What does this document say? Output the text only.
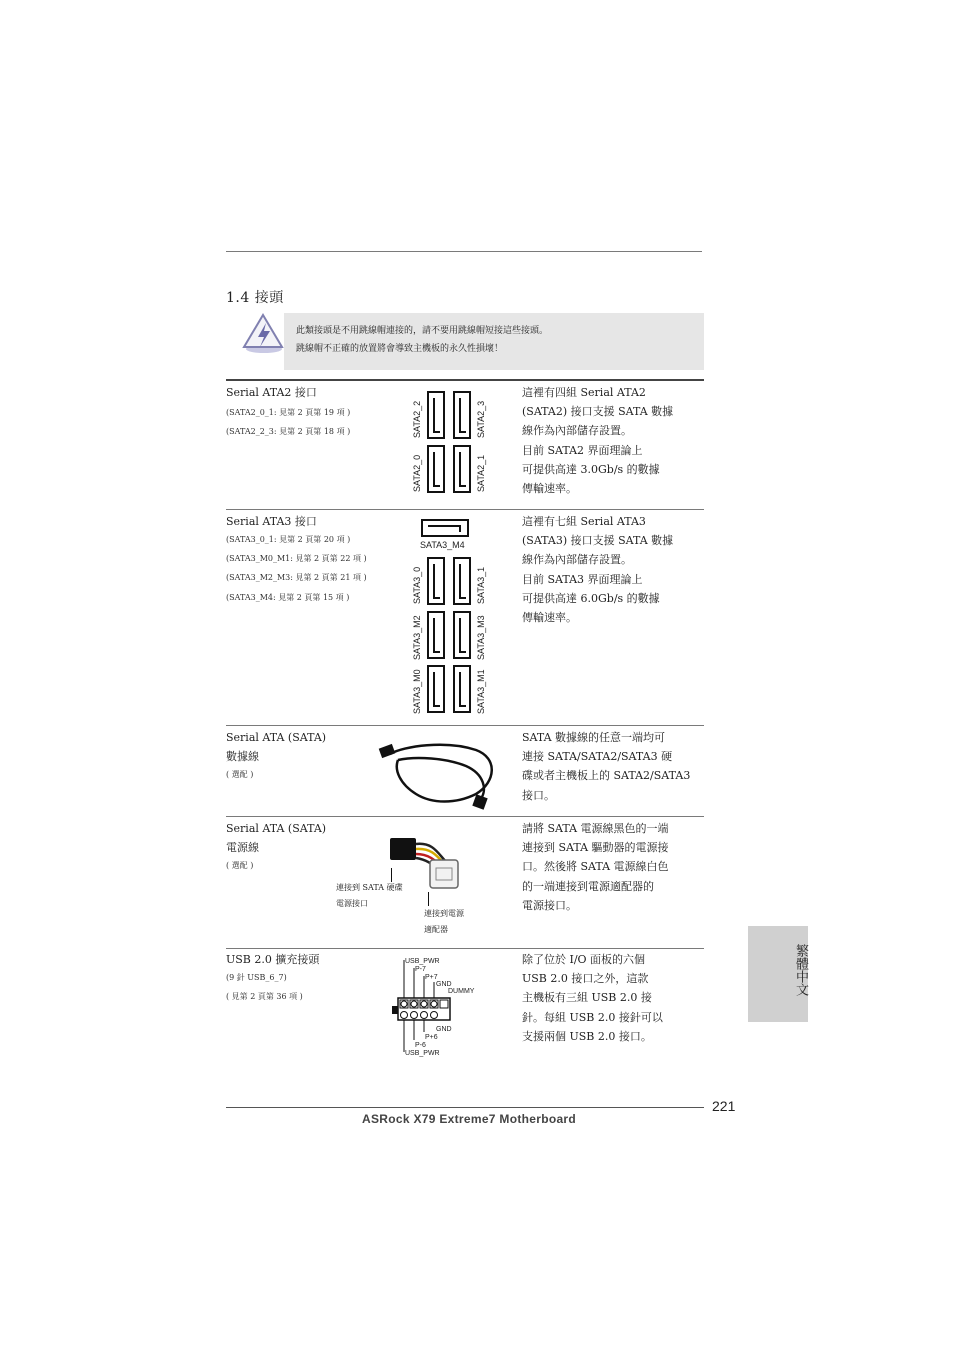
1.4 接頭
此類接頭是不用跳線帽連接的，請不要用跳線帽短接這些接頭。
跳線帽不正確的放置將會導致主機板的永久性損壞！
Serial ATA2 接口
(SATA2_0_1: 見第 2 頁第 19 項 )
(SATA2_2_3: 見第 2 頁第 18 項 )	SATA2_2	SATA2_3
SATA2_0	SATA2_1
這裡有四組 Serial ATA2
(SATA2) 接口支援 SATA 數據
線作為內部儲存設置。
目前 SATA2 界面理論上
可提供高達 3.0Gb/s 的數據
傳輸速率。
Serial ATA3 接口
(SATA3_0_1: 見第 2 頁第 20 項 )
(SATA3_M0_M1: 見第 2 頁第 22 項 )
(SATA3_M2_M3: 見第 2 頁第 21 項 )
(SATA3_M4: 見第 2 頁第 15 項 )
SATA3_M4
SATA3_0	SATA3_1
SATA3_M2	SATA3_M3
SATA3_M0	SATA3_M1
這裡有七組 Serial ATA3
(SATA3) 接口支援 SATA 數據
線作為內部儲存設置。
目前 SATA3 界面理論上
可提供高達 6.0Gb/s 的數據
傳輸速率。
Serial ATA (SATA)
數據線
( 選配 )
SATA 數據線的任意一端均可
連接 SATA/SATA2/SATA3 硬
碟或者主機板上的 SATA2/SATA3
接口。
Serial ATA (SATA)
電源線
( 選配 )
連接到 SATA 硬碟
電源接口
連接到電源
適配器
請將 SATA 電源線黑色的一端
連接到 SATA 驅動器的電源接
口。然後將 SATA 電源線白色
的一端連接到電源適配器的
電源接口。
USB 2.0 擴充接頭
(9 針 USB_6_7)
( 見第 2 頁第 36 項 )
USB_PWR
P-7
P+7
GND
DUMMY
GND
P+6
P-6
USB_PWR
除了位於 I/O 面板的六個
USB 2.0 接口之外，這款
主機板有三組 USB 2.0 接
針。每組 USB 2.0 接針可以
支援兩個 USB 2.0 接口。
繁體中文
221
ASRock X79 Extreme7 Motherboard
